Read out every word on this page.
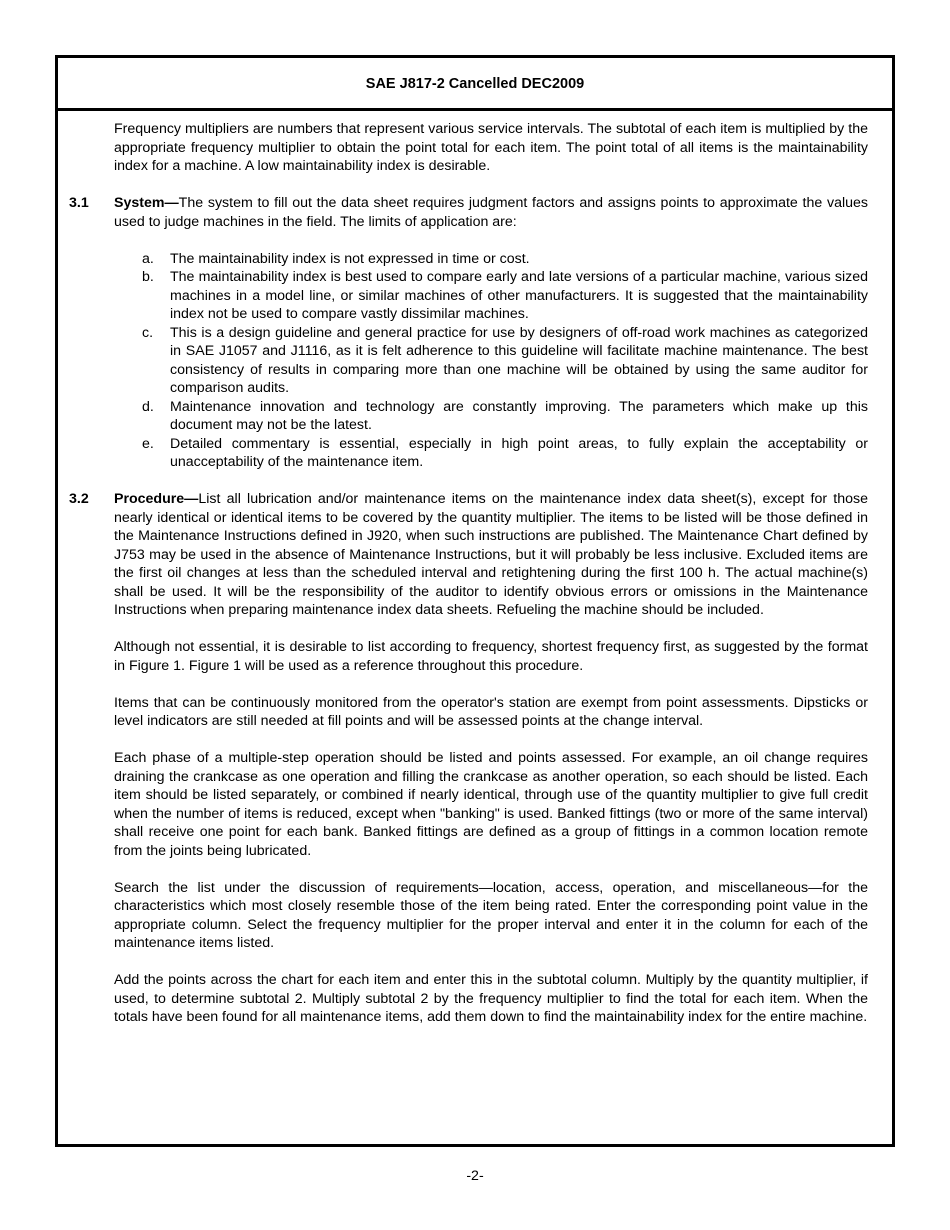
SAE J817-2 Cancelled DEC2009

Frequency multipliers are numbers that represent various service intervals. The subtotal of each item is multiplied by the appropriate frequency multiplier to obtain the point total for each item. The point total of all items is the maintainability index for a machine. A low maintainability index is desirable.

3.1	System—The system to fill out the data sheet requires judgment factors and assigns points to approximate the values used to judge machines in the field. The limits of application are:

a.	The maintainability index is not expressed in time or cost.
b.	The maintainability index is best used to compare early and late versions of a particular machine, various sized machines in a model line, or similar machines of other manufacturers. It is suggested that the maintainability index not be used to compare vastly dissimilar machines.
c.	This is a design guideline and general practice for use by designers of off-road work machines as categorized in SAE J1057 and J1116, as it is felt adherence to this guideline will facilitate machine maintenance. The best consistency of results in comparing more than one machine will be obtained by using the same auditor for comparison audits.
d.	Maintenance innovation and technology are constantly improving. The parameters which make up this document may not be the latest.
e.	Detailed commentary is essential, especially in high point areas, to fully explain the acceptability or unacceptability of the maintenance item.
3.2	Procedure—List all lubrication and/or maintenance items on the maintenance index data sheet(s), except for those nearly identical or identical items to be covered by the quantity multiplier. The items to be listed will be those defined in the Maintenance Instructions defined in J920, when such instructions are published. The Maintenance Chart defined by J753 may be used in the absence of Maintenance Instructions, but it will probably be less inclusive. Excluded items are the first oil changes at less than the scheduled interval and retightening during the first 100 h. The actual machine(s) shall be used. It will be the responsibility of the auditor to identify obvious errors or omissions in the Maintenance Instructions when preparing maintenance index data sheets. Refueling the machine should be included.

Although not essential, it is desirable to list according to frequency, shortest frequency first, as suggested by the format in Figure 1. Figure 1 will be used as a reference throughout this procedure.

Items that can be continuously monitored from the operator's station are exempt from point assessments. Dipsticks or level indicators are still needed at fill points and will be assessed points at the change interval.

Each phase of a multiple-step operation should be listed and points assessed. For example, an oil change requires draining the crankcase as one operation and filling the crankcase as another operation, so each should be listed. Each item should be listed separately, or combined if nearly identical, through use of the quantity multiplier to give full credit when the number of items is reduced, except when "banking" is used. Banked fittings (two or more of the same interval) shall receive one point for each bank. Banked fittings are defined as a group of fittings in a common location remote from the joints being lubricated.

Search the list under the discussion of requirements—location, access, operation, and miscellaneous—for the characteristics which most closely resemble those of the item being rated. Enter the corresponding point value in the appropriate column. Select the frequency multiplier for the proper interval and enter it in the column for each of the maintenance items listed.

Add the points across the chart for each item and enter this in the subtotal column. Multiply by the quantity multiplier, if used, to determine subtotal 2. Multiply subtotal 2 by the frequency multiplier to find the total for each item. When the totals have been found for all maintenance items, add them down to find the maintainability index for the entire machine.

-2-
